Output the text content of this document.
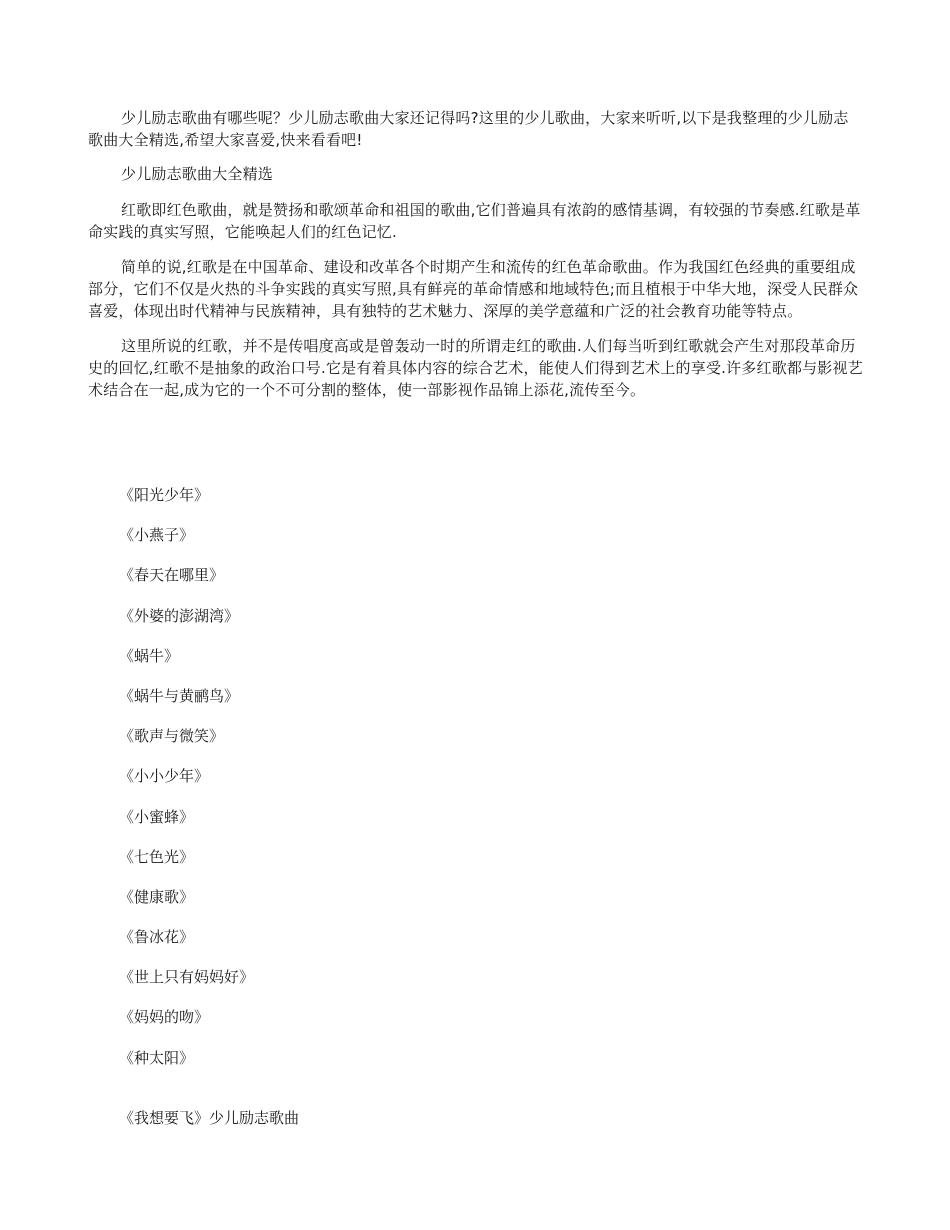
少儿励志歌曲有哪些呢？少儿励志歌曲大家还记得吗?这里的少儿歌曲，大家来听听,以下是我整理的少儿励志歌曲大全精选,希望大家喜爱,快来看看吧!

少儿励志歌曲大全精选

红歌即红色歌曲，就是赞扬和歌颂革命和祖国的歌曲,它们普遍具有浓韵的感情基调，有较强的节奏感.红歌是革命实践的真实写照，它能唤起人们的红色记忆.

简单的说,红歌是在中国革命、建设和改革各个时期产生和流传的红色革命歌曲。作为我国红色经典的重要组成部分，它们不仅是火热的斗争实践的真实写照,具有鲜亮的革命情感和地域特色;而且植根于中华大地，深受人民群众喜爱，体现出时代精神与民族精神，具有独特的艺术魅力、深厚的美学意蕴和广泛的社会教育功能等特点。

这里所说的红歌，并不是传唱度高或是曾轰动一时的所谓走红的歌曲.人们每当听到红歌就会产生对那段革命历史的回忆,红歌不是抽象的政治口号.它是有着具体内容的综合艺术，能使人们得到艺术上的享受.许多红歌都与影视艺术结合在一起,成为它的一个不可分割的整体，使一部影视作品锦上添花,流传至今。

《阳光少年》
《小燕子》
《春天在哪里》
《外婆的澎湖湾》
《蜗牛》
《蜗牛与黄鹂鸟》
《歌声与微笑》
《小小少年》
《小蜜蜂》
《七色光》
《健康歌》
《鲁冰花》
《世上只有妈妈好》
《妈妈的吻》
《种太阳》

《我想要飞》少儿励志歌曲
